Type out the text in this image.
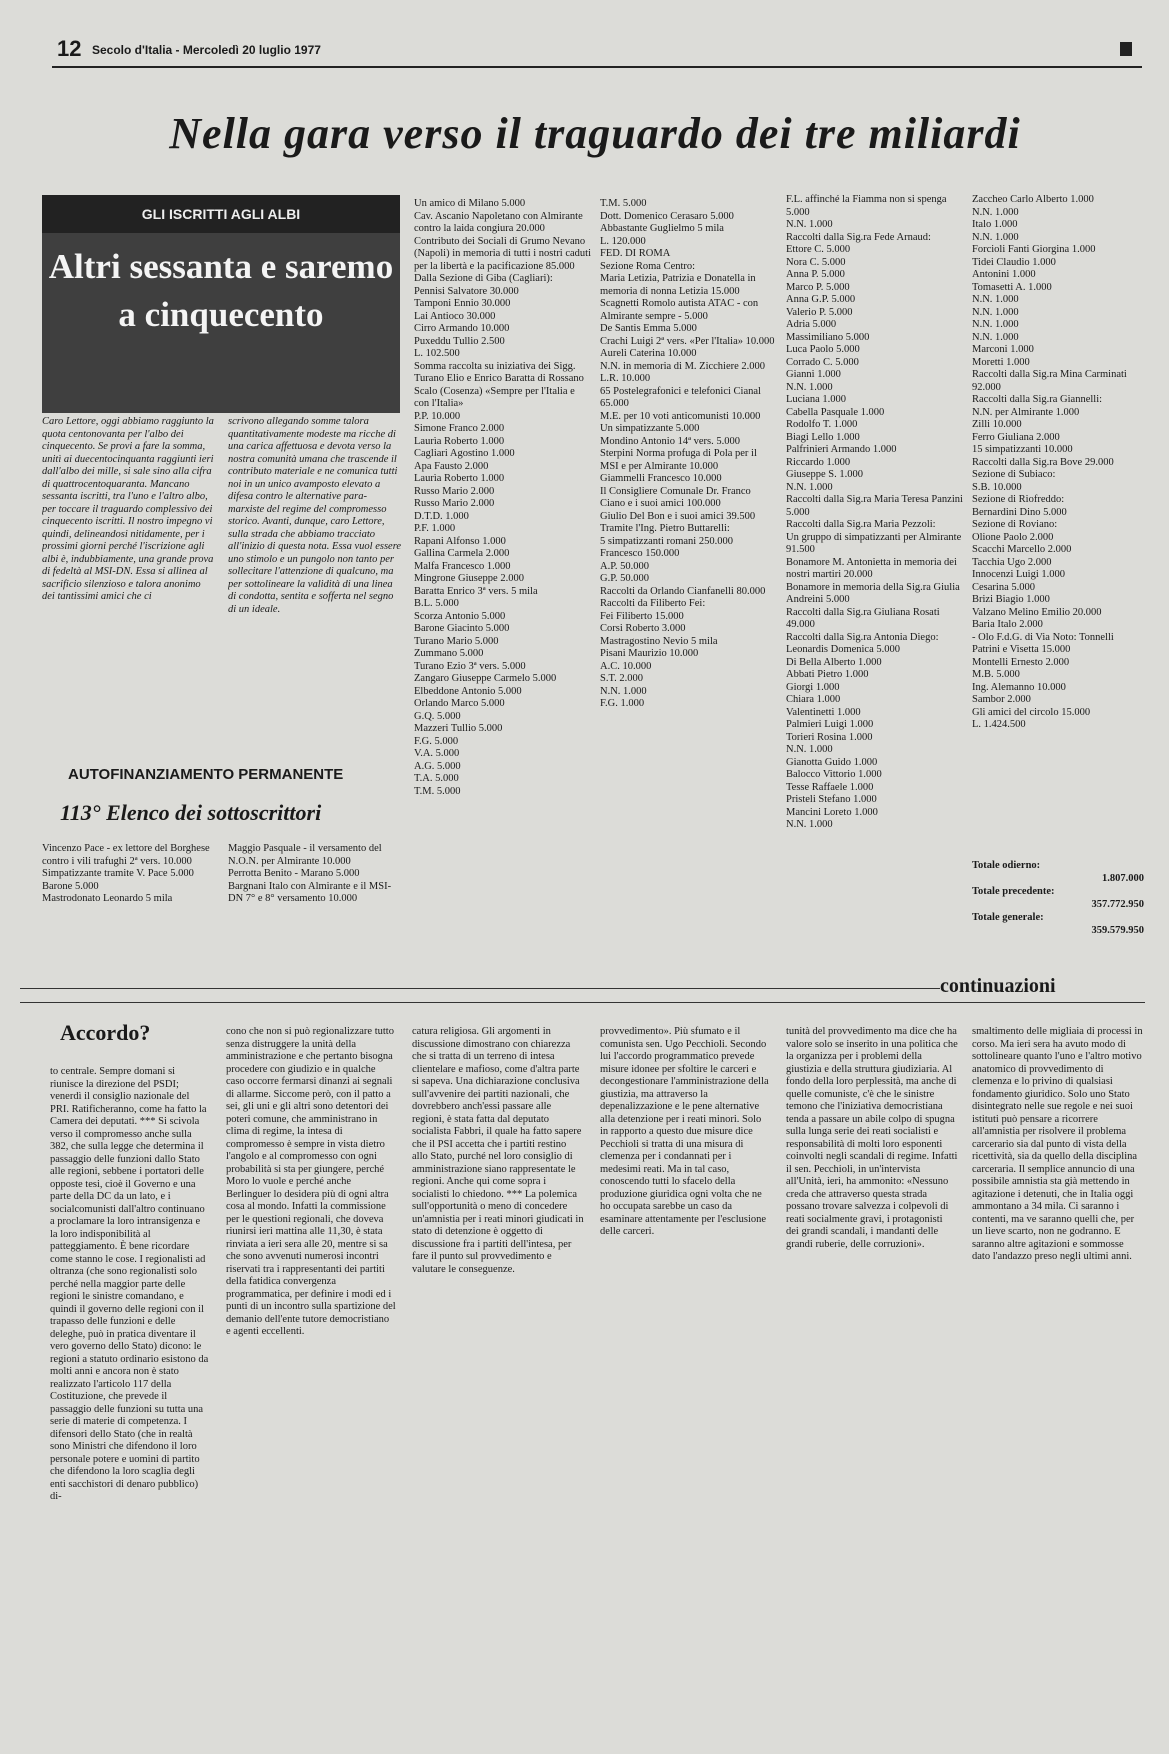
12 Secolo d'Italia - Mercoledì 20 luglio 1977
Nella gara verso il traguardo dei tre miliardi
GLI ISCRITTI AGLI ALBI
Altri sessanta e saremo a cinquecento
Caro Lettore, oggi abbiamo raggiunto la quota centonovanta per l'albo dei cinquecento. Se provi a fare la somma, unitì ai duecentocinquanta raggiunti ieri dall'albo dei mille, si sale sino alla cifra di quattrocentoquaranta. Mancano sessanta iscritti, tra l'uno e l'altro albo, per toccare il traguardo complessivo dei cinquecento iscritti. Il nostro impegno vi quindi, delineandosi nitidamente, per i prossimi giorni perché l'iscrizione agli albi è, indubbiamente, una grande prova di fedeltà al MSI-DN. Essa si allinea al sacrificio silenzioso e talora anonimo dei tantissimi amici che ci
scrivono allegando somme talora quantitativamente modeste ma ricche di una carica affettuosa e devota verso la nostra comunità umana che trascende il contributo materiale e ne comunica tutti noi in un unico avamposto elevato a difesa contro le alternative para-marxiste del regime del compromesso storico. Avanti, dunque, caro Lettore, sulla strada che abbiamo tracciato all'inizio di questa nota. Essa vuol essere uno stimolo e un pungolo non tanto per sollecitare l'attenzione di qualcuno, ma per sottolineare la validità di una linea di condotta, sentita e sofferta nel segno di un ideale.
AUTOFINANZIAMENTO PERMANENTE
113° Elenco dei sottoscrittori

Vincenzo Pace - ex lettore del Borghese contro i vili trafughi 2ª vers. 10.000

Simpatizzante tramite V. Pace 5.000

Barone 5.000

Mastrodonato Leonardo 5 mila

Maggio Pasquale - il versamento del N.O.N. per Almirante 10.000

Perrotta Benito - Marano 5.000

Bargnani Italo con Almirante e il MSI-DN 7° e 8° versamento 10.000

Un amico di Milano 5.000

Cav. Ascanio Napoletano con Almirante contro la laida congiura 20.000

Contributo dei Sociali di Grumo Nevano (Napoli) in memoria di tutti i nostri caduti per la libertà e la pacificazione 85.000

Dalla Sezione di Giba (Cagliari):

Pennisi Salvatore 30.000

Tamponi Ennio 30.000

Lai Antioco 30.000

Cirro Armando 10.000

Puxeddu Tullio 2.500

L. 102.500

Somma raccolta su iniziativa dei Sigg. Turano Elio e Enrico Baratta di Rossano Scalo (Cosenza) «Sempre per l'Italia e con l'Italia»

P.P. 10.000

Simone Franco 2.000

Laurìa Roberto 1.000

Cagliari Agostino 1.000

Apa Fausto 2.000

Laurìa Roberto 1.000

Russo Mario 2.000

Russo Mario 2.000

D.T.D. 1.000

P.F. 1.000

Rapani Alfonso 1.000

Gallina Carmela 2.000

Malfa Francesco 1.000

Mingrone Giuseppe 2.000

Baratta Enrico 3ª vers. 5 mila

B.L. 5.000

Scorza Antonio 5.000

Barone Giacinto 5.000

Turano Mario 5.000

Zummano 5.000

Turano Ezio 3ª vers. 5.000

Zangaro Giuseppe Carmelo 5.000

Elbeddone Antonio 5.000

Orlando Marco 5.000

G.Q. 5.000

Mazzeri Tullio 5.000

F.G. 5.000

V.A. 5.000

A.G. 5.000

T.A. 5.000

T.M. 5.000

T.M. 5.000

Dott. Domenico Cerasaro 5.000

Abbastante Guglielmo 5 mila

L. 120.000

FED. DI ROMA

Sezione Roma Centro:

Maria Letizia, Patrizia e Donatella in memoria di nonna Letizia 15.000

Scagnetti Romolo autista ATAC - con Almirante sempre - 5.000

De Santis Emma 5.000

Crachi Luigi 2ª vers. «Per l'Italia» 10.000

Aureli Caterina 10.000

N.N. in memoria di M. Zicchiere 2.000

L.R. 10.000

65 Postelegrafonici e telefonici Cianal 65.000

M.E. per 10 voti anticomunisti 10.000

Un simpatizzante 5.000

Mondino Antonio 14ª vers. 5.000

Sterpini Norma profuga di Pola per il MSI e per Almirante 10.000

Giammelli Francesco 10.000

Il Consigliere Comunale Dr. Franco Ciano e i suoi amici 100.000

Giulio Del Bon e i suoi amici 39.500

Tramite l'Ing. Pietro Buttarelli:

5 simpatizzanti romani 250.000

Francesco 150.000

A.P. 50.000

G.P. 50.000

Raccolti da Orlando Cianfanelli 80.000

Raccolti da Filiberto Fei:

Fei Filiberto 15.000

Corsi Roberto 3.000

Mastragostino Nevio 5 mila

Pisani Maurizio 10.000

A.C. 10.000

S.T. 2.000

N.N. 1.000

F.G. 1.000

F.L. affinché la Fiamma non si spenga 5.000

N.N. 1.000

Raccolti dalla Sig.ra Fede Arnaud:

Ettore C. 5.000

Nora C. 5.000

Anna P. 5.000

Marco P. 5.000

Anna G.P. 5.000

Valerio P. 5.000

Adria 5.000

Massimiliano 5.000

Luca Paolo 5.000

Corrado C. 5.000

Gianni 1.000

N.N. 1.000

Luciana 1.000

Cabella Pasquale 1.000

Rodolfo T. 1.000

Biagi Lello 1.000

Palfrinieri Armando 1.000

Riccardo 1.000

Giuseppe S. 1.000

N.N. 1.000

Raccolti dalla Sig.ra Maria Teresa Panzini 5.000

Raccolti dalla Sig.ra Maria Pezzoli:

Un gruppo di simpatizzanti per Almirante 91.500

Bonamore M. Antonietta in memoria dei nostri martiri 20.000

Bonamore in memoria della Sig.ra Giulia Andreini 5.000

Raccolti dalla Sig.ra Giuliana Rosati 49.000

Raccolti dalla Sig.ra Antonia Diego:

Leonardis Domenica 5.000

Di Bella Alberto 1.000

Abbati Pietro 1.000

Giorgi 1.000

Chiara 1.000

Valentinetti 1.000

Palmieri Luigi 1.000

Torieri Rosina 1.000

N.N. 1.000

Gianotta Guido 1.000

Balocco Vittorio 1.000

Tesse Raffaele 1.000

Pristeli Stefano 1.000

Mancini Loreto 1.000

N.N. 1.000

Zaccheo Carlo Alberto 1.000

N.N. 1.000

Italo 1.000

N.N. 1.000

Forcioli Fanti Giorgina 1.000

Tidei Claudio 1.000

Antonini 1.000

Tomasetti A. 1.000

N.N. 1.000

N.N. 1.000

N.N. 1.000

N.N. 1.000

Marconi 1.000

Moretti 1.000

Raccolti dalla Sig.ra Mina Carminati 92.000

Raccolti dalla Sig.ra Giannelli:

N.N. per Almirante 1.000

Zilli 10.000

Ferro Giuliana 2.000

15 simpatizzanti 10.000

Raccolti dalla Sig.ra Bove 29.000

Sezione di Subiaco:

S.B. 10.000

Sezione di Riofreddo:

Bernardini Dino 5.000

Sezione di Roviano:

Olione Paolo 2.000

Scacchi Marcello 2.000

Tacchia Ugo 2.000

Innocenzi Luigi 1.000

Cesarina 5.000

Brizi Biagio 1.000

Valzano Melino Emilio 20.000

Baria Italo 2.000

- Olo F.d.G. di Via Noto: Tonnelli Patrini e Visetta 15.000

Montelli Ernesto 2.000

M.B. 5.000

Ing. Alemanno 10.000

Sambor 2.000

Gli amici del circolo 15.000

L. 1.424.500

Totale odierno:

1.807.000
Totale precedente:

357.772.950
Totale generale:

359.579.950
continuazioni
Accordo?
to centrale. Sempre domani si riunisce la direzione del PSDI; venerdì il consiglio nazionale del PRI. Ratificheranno, come ha fatto la Camera dei deputati. *** Si scivola verso il compromesso anche sulla 382, che sulla legge che determina il passaggio delle funzioni dallo Stato alle regioni, sebbene i portatori delle opposte tesi, cioè il Governo e una parte della DC da un lato, e i socialcomunisti dall'altro continuano a proclamare la loro intransigenza e la loro indisponibilità al patteggiamento. È bene ricordare come stanno le cose. I regionalisti ad oltranza (che sono regionalisti solo perché nella maggior parte delle regioni le sinistre comandano, e quindi il governo delle regioni con il trapasso delle funzioni e delle deleghe, può in pratica diventare il vero governo dello Stato) dicono: le regioni a statuto ordinario esistono da molti anni e ancora non è stato realizzato l'articolo 117 della Costituzione, che prevede il passaggio delle funzioni su tutta una serie di materie di competenza. I difensori dello Stato (che in realtà sono Ministri che difendono il loro personale potere e uomini di partito che difendono la loro scaglia degli enti sacchistori di denaro pubblico) di-
cono che non si può regionalizzare tutto senza distruggere la unità della amministrazione e che pertanto bisogna procedere con giudizio e in qualche caso occorre fermarsi dinanzi ai segnali di allarme. Siccome però, con il patto a sei, gli uni e gli altri sono detentori dei poteri comune, che amministrano in clima di regime, la intesa di compromesso è sempre in vista dietro l'angolo e al compromesso con ogni probabilità si sta per giungere, perché Moro lo vuole e perché anche Berlinguer lo desidera più di ogni altra cosa al mondo. Infatti la commissione per le questioni regionali, che doveva riunirsi ieri mattina alle 11,30, è stata rinviata a ieri sera alle 20, mentre si sa che sono avvenuti numerosi incontri riservati tra i rappresentanti dei partiti della fatidica convergenza programmatica, per definire i modi ed i punti di un incontro sulla spartizione del demanio dell'ente tutore democristiano e agenti eccellenti.
catura religiosa. Gli argomenti in discussione dimostrano con chiarezza che si tratta di un terreno di intesa clientelare e mafioso, come d'altra parte si sapeva. Una dichiarazione conclusiva sull'avvenire dei partiti nazionali, che dovrebbero anch'essi passare alle regioni, è stata fatta dal deputato socialista Fabbri, il quale ha fatto sapere che il PSI accetta che i partiti restino allo Stato, purché nel loro consiglio di amministrazione siano rappresentate le regioni. Anche qui come sopra i socialisti lo chiedono. *** La polemica sull'opportunità o meno di concedere un'amnistia per i reati minori giudicati in stato di detenzione è oggetto di discussione fra i partiti dell'intesa, per fare il punto sul provvedimento e valutare le conseguenze.
provvedimento». Più sfumato e il comunista sen. Ugo Pecchioli. Secondo lui l'accordo programmatico prevede misure idonee per sfoltire le carceri e decongestionare l'amministrazione della giustizia, ma attraverso la depenalizzazione e le pene alternative alla detenzione per i reati minori. Solo in rapporto a questo due misure dice Pecchioli si tratta di una misura di clemenza per i condannati per i medesimi reati. Ma in tal caso, conoscendo tutti lo sfacelo della produzione giuridica ogni volta che ne ho occupata sarebbe un caso da esaminare attentamente per l'esclusione delle carceri.
tunità del provvedimento ma dice che ha valore solo se inserito in una politica che la organizza per i problemi della giustizia e della struttura giudiziaria. Al fondo della loro perplessità, ma anche di quelle comuniste, c'è che le sinistre temono che l'iniziativa democristiana tenda a passare un abile colpo di spugna sulla lunga serie dei reati socialisti e responsabilità di molti loro esponenti coinvolti negli scandali di regime. Infatti il sen. Pecchioli, in un'intervista all'Unità, ieri, ha ammonito: «Nessuno creda che attraverso questa strada possano trovare salvezza i colpevoli di reati socialmente gravi, i protagonisti dei grandi scandali, i mandanti delle grandi ruberie, delle corruzioni».
smaltimento delle migliaia di processi in corso. Ma ieri sera ha avuto modo di sottolineare quanto l'uno e l'altro motivo anatomico di provvedimento di clemenza e lo privino di qualsiasi fondamento giuridico. Solo uno Stato disintegrato nelle sue regole e nei suoi istituti può pensare a ricorrere all'amnistia per risolvere il problema carcerario sia dal punto di vista della ricettività, sia da quello della disciplina carceraria. Il semplice annuncio di una possibile amnistia sta già mettendo in agitazione i detenuti, che in Italia oggi ammontano a 34 mila. Ci saranno i contenti, ma ve saranno quelli che, per un lieve scarto, non ne godranno. E saranno altre agitazioni e sommosse dato l'andazzo preso negli ultimi anni.
